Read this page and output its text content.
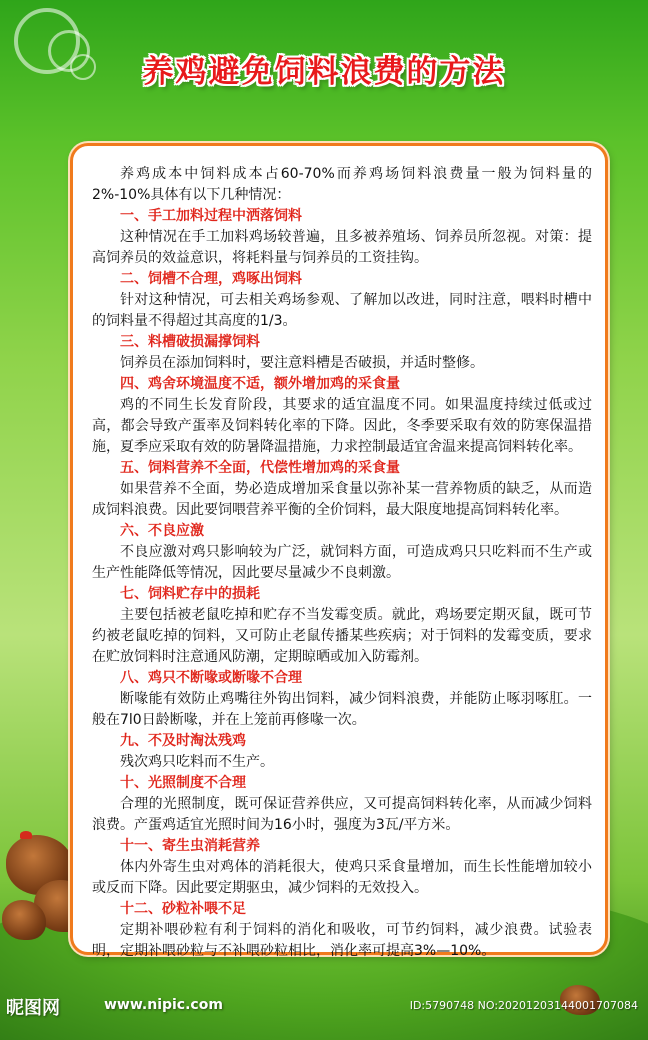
养鸡避免饲料浪费的方法

养鸡成本中饲料成本占60-70%而养鸡场饲料浪费量一般为饲料量的2%-10%具体有以下几种情况：

一、手工加料过程中洒落饲料

这种情况在手工加料鸡场较普遍，且多被养殖场、饲养员所忽视。对策：提高饲养员的效益意识，将耗料量与饲养员的工资挂钩。

二、饲槽不合理，鸡啄出饲料

针对这种情况，可去相关鸡场参观、了解加以改进，同时注意，喂料时槽中的饲料量不得超过其高度的1/3。

三、料槽破损漏撑饲料

饲养员在添加饲料时，要注意料槽是否破损，并适时整修。

四、鸡舍环境温度不适，额外增加鸡的采食量

鸡的不同生长发育阶段，其要求的适宜温度不同。如果温度持续过低或过高，都会导致产蛋率及饲料转化率的下降。因此，冬季要采取有效的防寒保温措施，夏季应采取有效的防暑降温措施，力求控制最适宜舍温来提高饲料转化率。

五、饲料营养不全面，代偿性增加鸡的采食量

如果营养不全面，势必造成增加采食量以弥补某一营养物质的缺乏，从而造成饲料浪费。因此要饲喂营养平衡的全价饲料，最大限度地提高饲料转化率。

六、不良应激

不良应激对鸡只影响较为广泛，就饲料方面，可造成鸡只只吃料而不生产或生产性能降低等情况，因此要尽量减少不良刺激。

七、饲料贮存中的损耗

主要包括被老鼠吃掉和贮存不当发霉变质。就此，鸡场要定期灭鼠，既可节约被老鼠吃掉的饲料，又可防止老鼠传播某些疾病；对于饲料的发霉变质，要求在贮放饲料时注意通风防潮，定期晾晒或加入防霉剂。

八、鸡只不断喙或断喙不合理

断喙能有效防止鸡嘴往外钩出饲料，减少饲料浪费，并能防止啄羽啄肛。一般在7l0日龄断喙，并在上笼前再修喙一次。

九、不及时淘汰残鸡

残次鸡只吃料而不生产。

十、光照制度不合理

合理的光照制度，既可保证营养供应，又可提高饲料转化率，从而减少饲料浪费。产蛋鸡适宜光照时间为16小时，强度为3瓦/平方米。

十一、寄生虫消耗营养

体内外寄生虫对鸡体的消耗很大，使鸡只采食量增加，而生长性能增加较小或反而下降。因此要定期驱虫，减少饲料的无效投入。

十二、砂粒补喂不足

定期补喂砂粒有利于饲料的消化和吸收，可节约饲料，减少浪费。试验表明，定期补喂砂粒与不补喂砂粒相比，消化率可提高3%—10%。

昵图网	www.nipic.com	ID:5790748 NO:20201203144001707084
